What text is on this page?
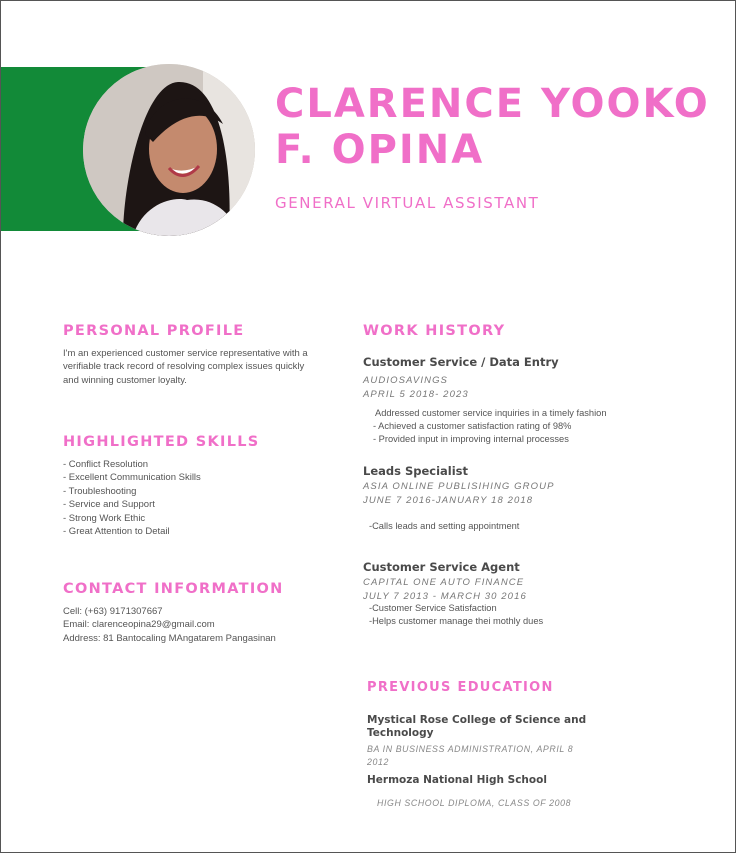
CLARENCE YOOKO
F. OPINA
GENERAL VIRTUAL ASSISTANT
PERSONAL PROFILE
I'm an experienced customer service representative with a
verifiable track record of resolving complex issues quickly
and winning customer loyalty.
HIGHLIGHTED SKILLS
- Conflict Resolution
- Excellent Communication Skills
- Troubleshooting
- Service and Support
- Strong Work Ethic
- Great Attention to Detail
CONTACT INFORMATION
Cell: (+63) 9171307667
Email: clarenceopina29@gmail.com
Address: 81 Bantocaling MAngatarem Pangasinan
WORK HISTORY
Customer Service / Data Entry
AUDIOSAVINGS
APRIL 5 2018- 2023
Addressed customer service inquiries in a timely fashion
- Achieved a customer satisfaction rating of 98%
- Provided input in improving internal processes
Leads Specialist
ASIA ONLINE PUBLISIHING GROUP
JUNE 7 2016-JANUARY 18 2018
-Calls leads and setting appointment
Customer Service Agent
CAPITAL ONE AUTO FINANCE
JULY 7 2013 - MARCH 30 2016
-Customer Service Satisfaction
-Helps customer manage thei mothly dues
PREVIOUS EDUCATION
Mystical Rose College of Science and
Technology
BA IN BUSINESS ADMINISTRATION, APRIL 8
2012
Hermoza National High School
HIGH SCHOOL DIPLOMA, CLASS OF 2008
